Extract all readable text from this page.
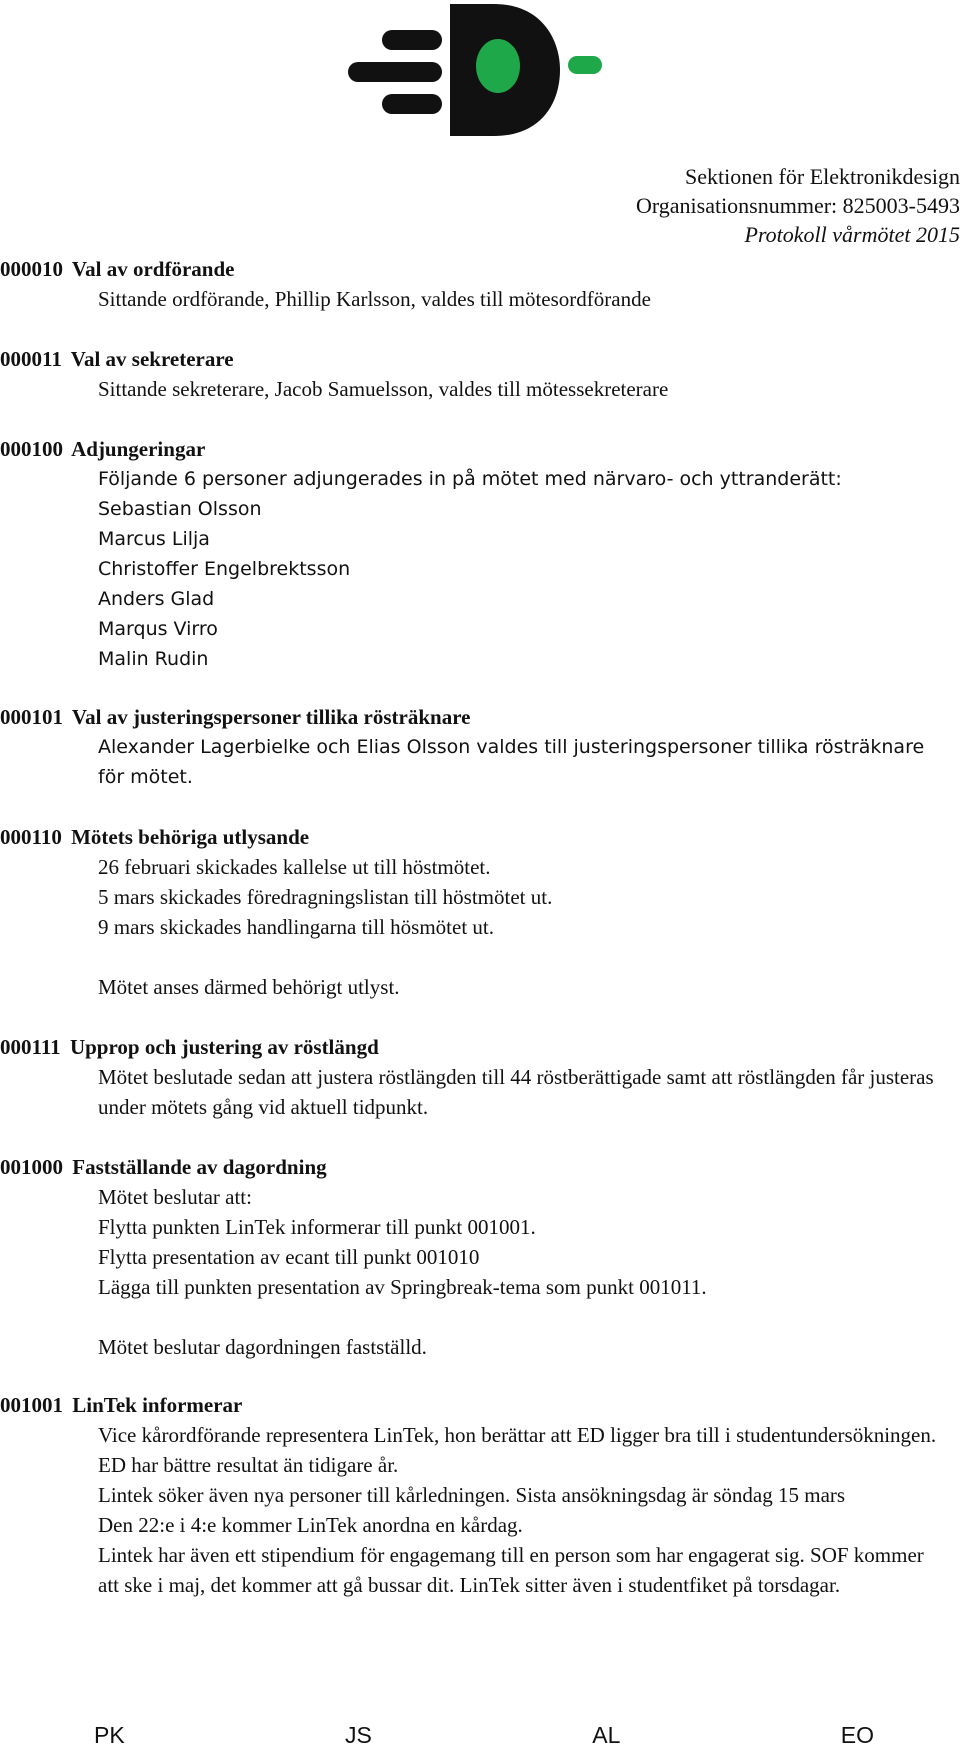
Sektionen för Elektronikdesign
Organisationsnummer: 825003-5493
Protokoll vårmötet 2015
000010 Val av ordförande

Sittande ordförande, Phillip Karlsson, valdes till mötesordförande

000011 Val av sekreterare

Sittande sekreterare, Jacob Samuelsson, valdes till mötessekreterare

000100 Adjungeringar

Följande 6 personer adjungerades in på mötet med närvaro- och yttranderätt:

Sebastian Olsson

Marcus Lilja

Christoffer Engelbrektsson

Anders Glad

Marqus Virro

Malin Rudin

000101 Val av justeringspersoner tillika rösträknare

Alexander Lagerbielke och Elias Olsson valdes till justeringspersoner tillika rösträknare för mötet.

000110 Mötets behöriga utlysande

26 februari skickades kallelse ut till höstmötet.

5 mars skickades föredragningslistan till höstmötet ut.

9 mars skickades handlingarna till hösmötet ut.

Mötet anses därmed behörigt utlyst.

000111 Upprop och justering av röstlängd

Mötet beslutade sedan att justera röstlängden till 44 röstberättigade samt att röstlängden får justeras under mötets gång vid aktuell tidpunkt.

001000 Fastställande av dagordning

Mötet beslutar att:

Flytta punkten LinTek informerar till punkt 001001.

Flytta presentation av ecant till punkt 001010

Lägga till punkten presentation av Springbreak-tema som punkt 001011.

Mötet beslutar dagordningen fastställd.

001001 LinTek informerar

Vice kårordförande representera LinTek, hon berättar att ED ligger bra till i studentundersökningen. ED har bättre resultat än tidigare år.

Lintek söker även nya personer till kårledningen. Sista ansökningsdag är söndag 15 mars

Den 22:e i 4:e kommer LinTek anordna en kårdag.

Lintek har även ett stipendium för engagemang till en person som har engagerat sig. SOF kommer att ske i maj, det kommer att gå bussar dit. LinTek sitter även i studentfiket på torsdagar.

PK	JS	AL	EO
